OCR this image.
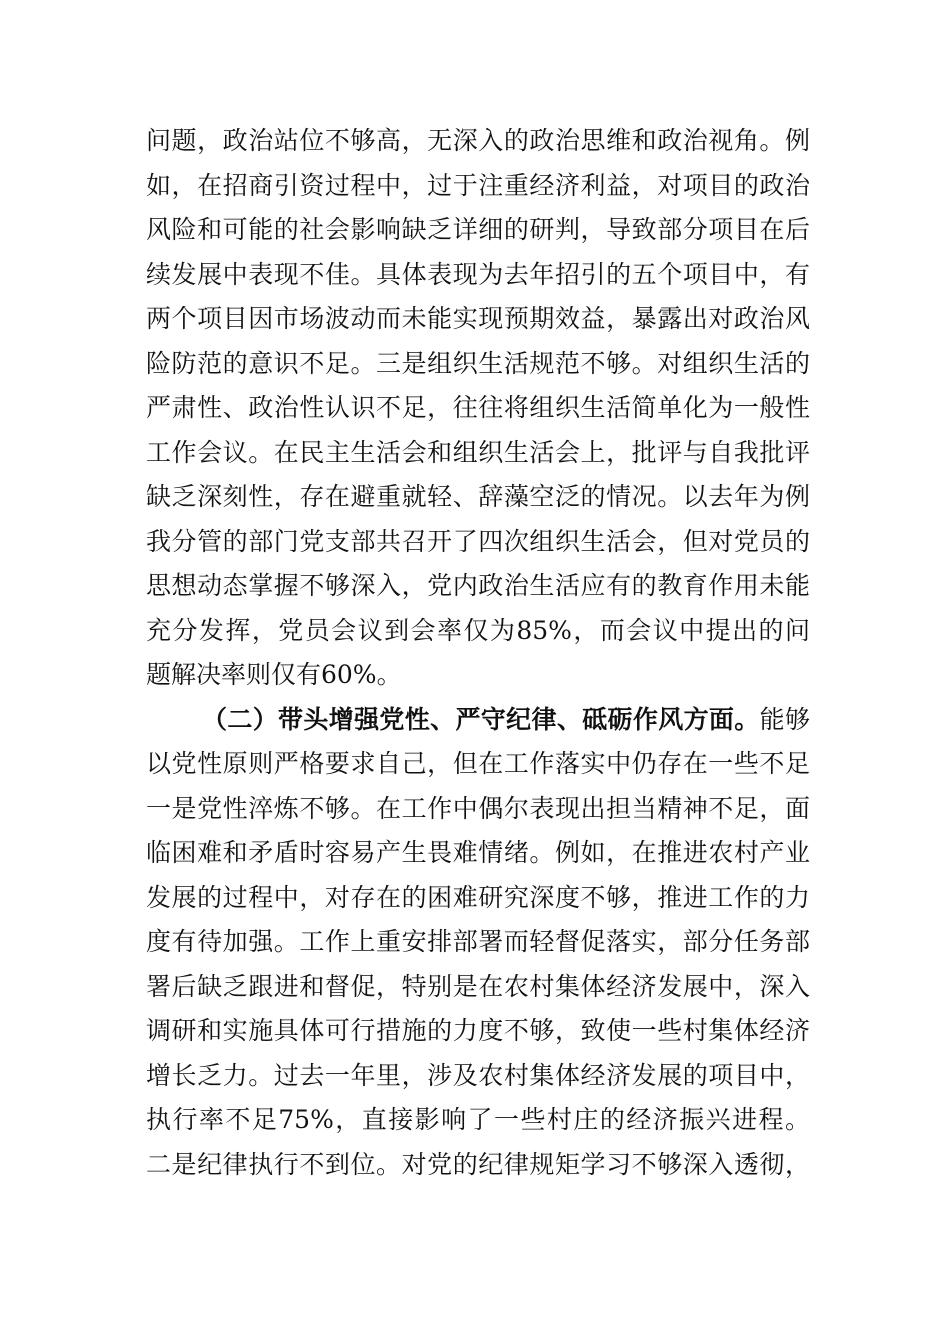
问题，政治站位不够高，无深入的政治思维和政治视角。例
如，在招商引资过程中，过于注重经济利益，对项目的政治
风险和可能的社会影响缺乏详细的研判，导致部分项目在后
续发展中表现不佳。具体表现为去年招引的五个项目中，有
两个项目因市场波动而未能实现预期效益，暴露出对政治风
险防范的意识不足。三是组织生活规范不够。对组织生活的
严肃性、政治性认识不足，往往将组织生活简单化为一般性
工作会议。在民主生活会和组织生活会上，批评与自我批评
缺乏深刻性，存在避重就轻、辞藻空泛的情况。以去年为例
我分管的部门党支部共召开了四次组织生活会，但对党员的
思想动态掌握不够深入，党内政治生活应有的教育作用未能
充分发挥，党员会议到会率仅为85%，而会议中提出的问
题解决率则仅有60%。
（二）带头增强党性、严守纪律、砥砺作风方面。能够
以党性原则严格要求自己，但在工作落实中仍存在一些不足
一是党性淬炼不够。在工作中偶尔表现出担当精神不足，面
临困难和矛盾时容易产生畏难情绪。例如，在推进农村产业
发展的过程中，对存在的困难研究深度不够，推进工作的力
度有待加强。工作上重安排部署而轻督促落实，部分任务部
署后缺乏跟进和督促，特别是在农村集体经济发展中，深入
调研和实施具体可行措施的力度不够，致使一些村集体经济
增长乏力。过去一年里，涉及农村集体经济发展的项目中，
执行率不足75%，直接影响了一些村庄的经济振兴进程。
二是纪律执行不到位。对党的纪律规矩学习不够深入透彻，
